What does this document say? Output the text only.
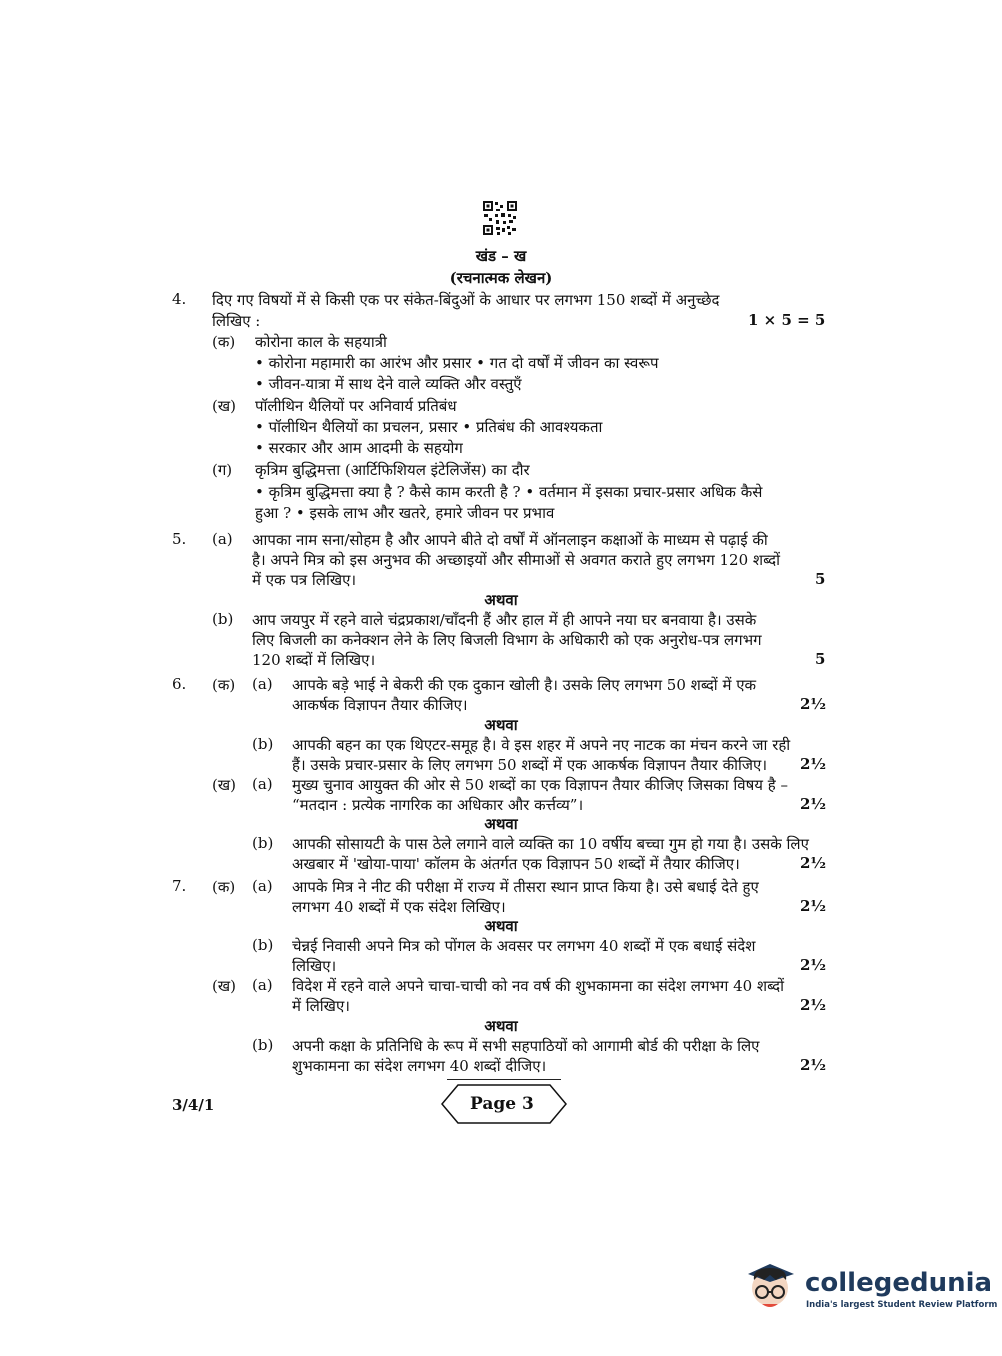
खंड – ख
(रचनात्मक लेखन)
4. दिए गए विषयों में से किसी एक पर संकेत-बिंदुओं के आधार पर लगभग 150 शब्दों में अनुच्छेद
लिखिए :	1 × 5 = 5
(क) कोरोना काल के सहयात्री
• कोरोना महामारी का आरंभ और प्रसार • गत दो वर्षों में जीवन का स्वरूप
• जीवन-यात्रा में साथ देने वाले व्यक्ति और वस्तुएँ
(ख) पॉलीथिन थैलियों पर अनिवार्य प्रतिबंध
• पॉलीथिन थैलियों का प्रचलन, प्रसार • प्रतिबंध की आवश्यकता
• सरकार और आम आदमी के सहयोग
(ग) कृत्रिम बुद्धिमत्ता (आर्टिफिशियल इंटेलिजेंस) का दौर
• कृत्रिम बुद्धिमत्ता क्या है ? कैसे काम करती है ? • वर्तमान में इसका प्रचार-प्रसार अधिक कैसे
हुआ ? • इसके लाभ और खतरे, हमारे जीवन पर प्रभाव
5. (a) आपका नाम सना/सोहम है और आपने बीते दो वर्षों में ऑनलाइन कक्षाओं के माध्यम से पढ़ाई की
है। अपने मित्र को इस अनुभव की अच्छाइयों और सीमाओं से अवगत कराते हुए लगभग 120 शब्दों
में एक पत्र लिखिए।	5
अथवा
(b) आप जयपुर में रहने वाले चंद्रप्रकाश/चाँदनी हैं और हाल में ही आपने नया घर बनवाया है। उसके
लिए बिजली का कनेक्शन लेने के लिए बिजली विभाग के अधिकारी को एक अनुरोध-पत्र लगभग
120 शब्दों में लिखिए।	5
6. (क) (a) आपके बड़े भाई ने बेकरी की एक दुकान खोली है। उसके लिए लगभग 50 शब्दों में एक
आकर्षक विज्ञापन तैयार कीजिए।	2½
अथवा
(b) आपकी बहन का एक थिएटर-समूह है। वे इस शहर में अपने नए नाटक का मंचन करने जा रही
हैं। उसके प्रचार-प्रसार के लिए लगभग 50 शब्दों में एक आकर्षक विज्ञापन तैयार कीजिए। 2½
(ख) (a) मुख्य चुनाव आयुक्त की ओर से 50 शब्दों का एक विज्ञापन तैयार कीजिए जिसका विषय है –
“मतदान : प्रत्येक नागरिक का अधिकार और कर्त्तव्य”।	2½
अथवा
(b) आपकी सोसायटी के पास ठेले लगाने वाले व्यक्ति का 10 वर्षीय बच्चा गुम हो गया है। उसके लिए
अखबार में 'खोया-पाया' कॉलम के अंतर्गत एक विज्ञापन 50 शब्दों में तैयार कीजिए।	2½
7. (क) (a) आपके मित्र ने नीट की परीक्षा में राज्य में तीसरा स्थान प्राप्त किया है। उसे बधाई देते हुए
लगभग 40 शब्दों में एक संदेश लिखिए।	2½
अथवा
(b) चेन्नई निवासी अपने मित्र को पोंगल के अवसर पर लगभग 40 शब्दों में एक बधाई संदेश
लिखिए।	2½
(ख) (a) विदेश में रहने वाले अपने चाचा-चाची को नव वर्ष की शुभकामना का संदेश लगभग 40 शब्दों
में लिखिए।	2½
अथवा
(b) अपनी कक्षा के प्रतिनिधि के रूप में सभी सहपाठियों को आगामी बोर्ड की परीक्षा के लिए
शुभकामना का संदेश लगभग 40 शब्दों दीजिए।	2½
3/4/1	Page 3
collegedunia
India's largest Student Review Platform
